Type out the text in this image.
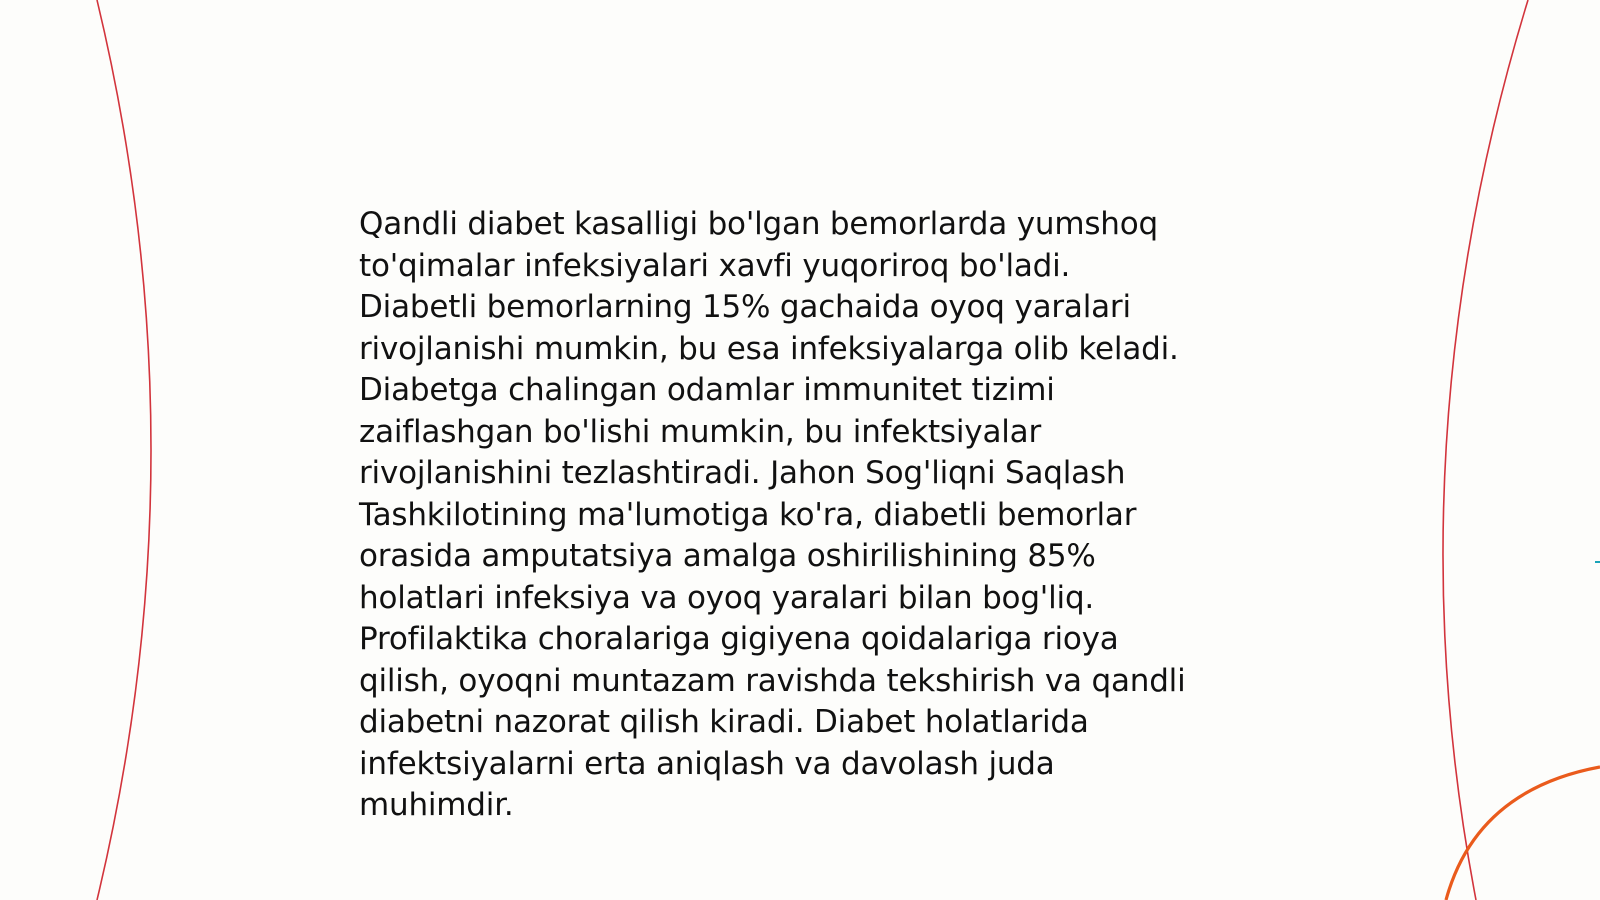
Qandli diabet kasalligi bo'lgan bemorlarda yumshoq
to'qimalar infeksiyalari xavfi yuqoriroq bo'ladi.
Diabetli bemorlarning 15% gachaida oyoq yaralari
rivojlanishi mumkin, bu esa infeksiyalarga olib keladi.
Diabetga chalingan odamlar immunitet tizimi
zaiflashgan bo'lishi mumkin, bu infektsiyalar
rivojlanishini tezlashtiradi. Jahon Sog'liqni Saqlash
Tashkilotining ma'lumotiga ko'ra, diabetli bemorlar
orasida amputatsiya amalga oshirilishining 85%
holatlari infeksiya va oyoq yaralari bilan bog'liq.
Profilaktika choralariga gigiyena qoidalariga rioya
qilish, oyoqni muntazam ravishda tekshirish va qandli
diabetni nazorat qilish kiradi. Diabet holatlarida
infektsiyalarni erta aniqlash va davolash juda
muhimdir.
